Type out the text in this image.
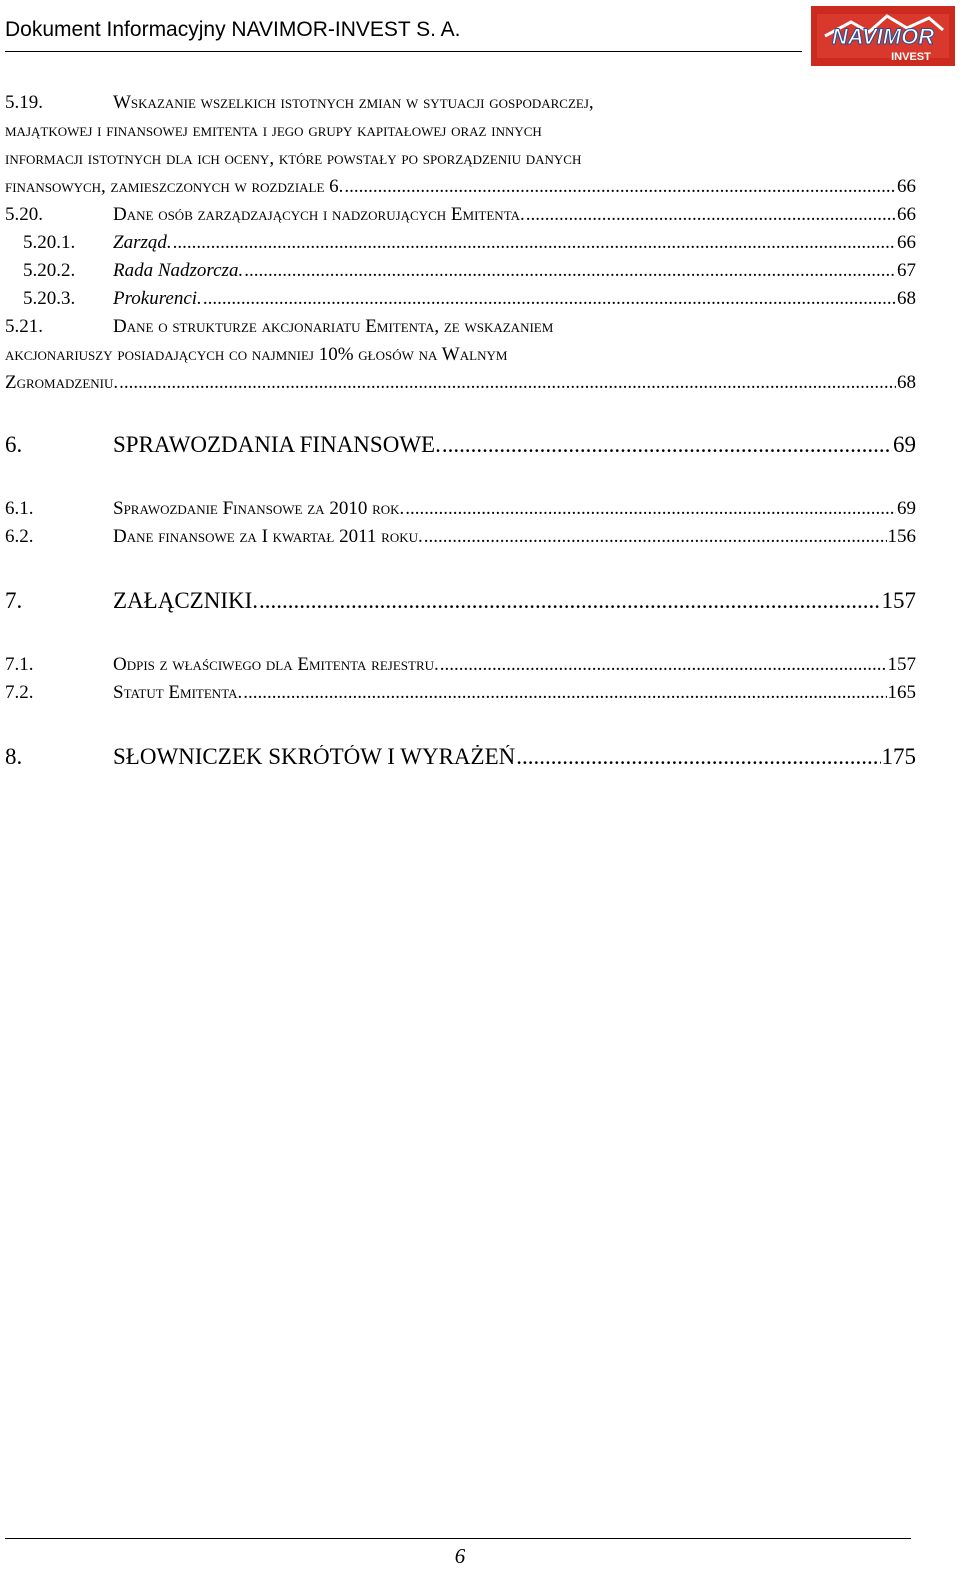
Dokument Informacyjny NAVIMOR-INVEST S. A.	NAVIMOR
INVEST
5.19.	Wskazanie wszelkich istotnych zmian w sytuacji gospodarczej,
majątkowej i finansowej emitenta i jego grupy kapitałowej oraz innych
informacji istotnych dla ich oceny, które powstały po sporządzeniu danych
finansowych, zamieszczonych w rozdziale 6. .....	66
5.20.	Dane osób zarządzających i nadzorujących Emitenta. .....	66
5.20.1. Zarząd. .....	66
5.20.2. Rada Nadzorcza. .....	67
5.20.3. Prokurenci. .....	68
5.21.	Dane o strukturze akcjonariatu Emitenta, ze wskazaniem
akcjonariuszy posiadających co najmniej 10% głosów na Walnym
Zgromadzeniu. .....	68
6.	SPRAWOZDANIA FINANSOWE. .....	69
6.1.	Sprawozdanie Finansowe za 2010 rok. .....	69
6.2.	Dane finansowe za I kwartał 2011 roku. .....	156
7.	ZAŁĄCZNIKI. .....	157
7.1.	Odpis z właściwego dla Emitenta rejestru. .....	157
7.2.	Statut Emitenta. .....	165
8.	SŁOWNICZEK SKRÓTÓW I WYRAŻEŃ .....	175
6
